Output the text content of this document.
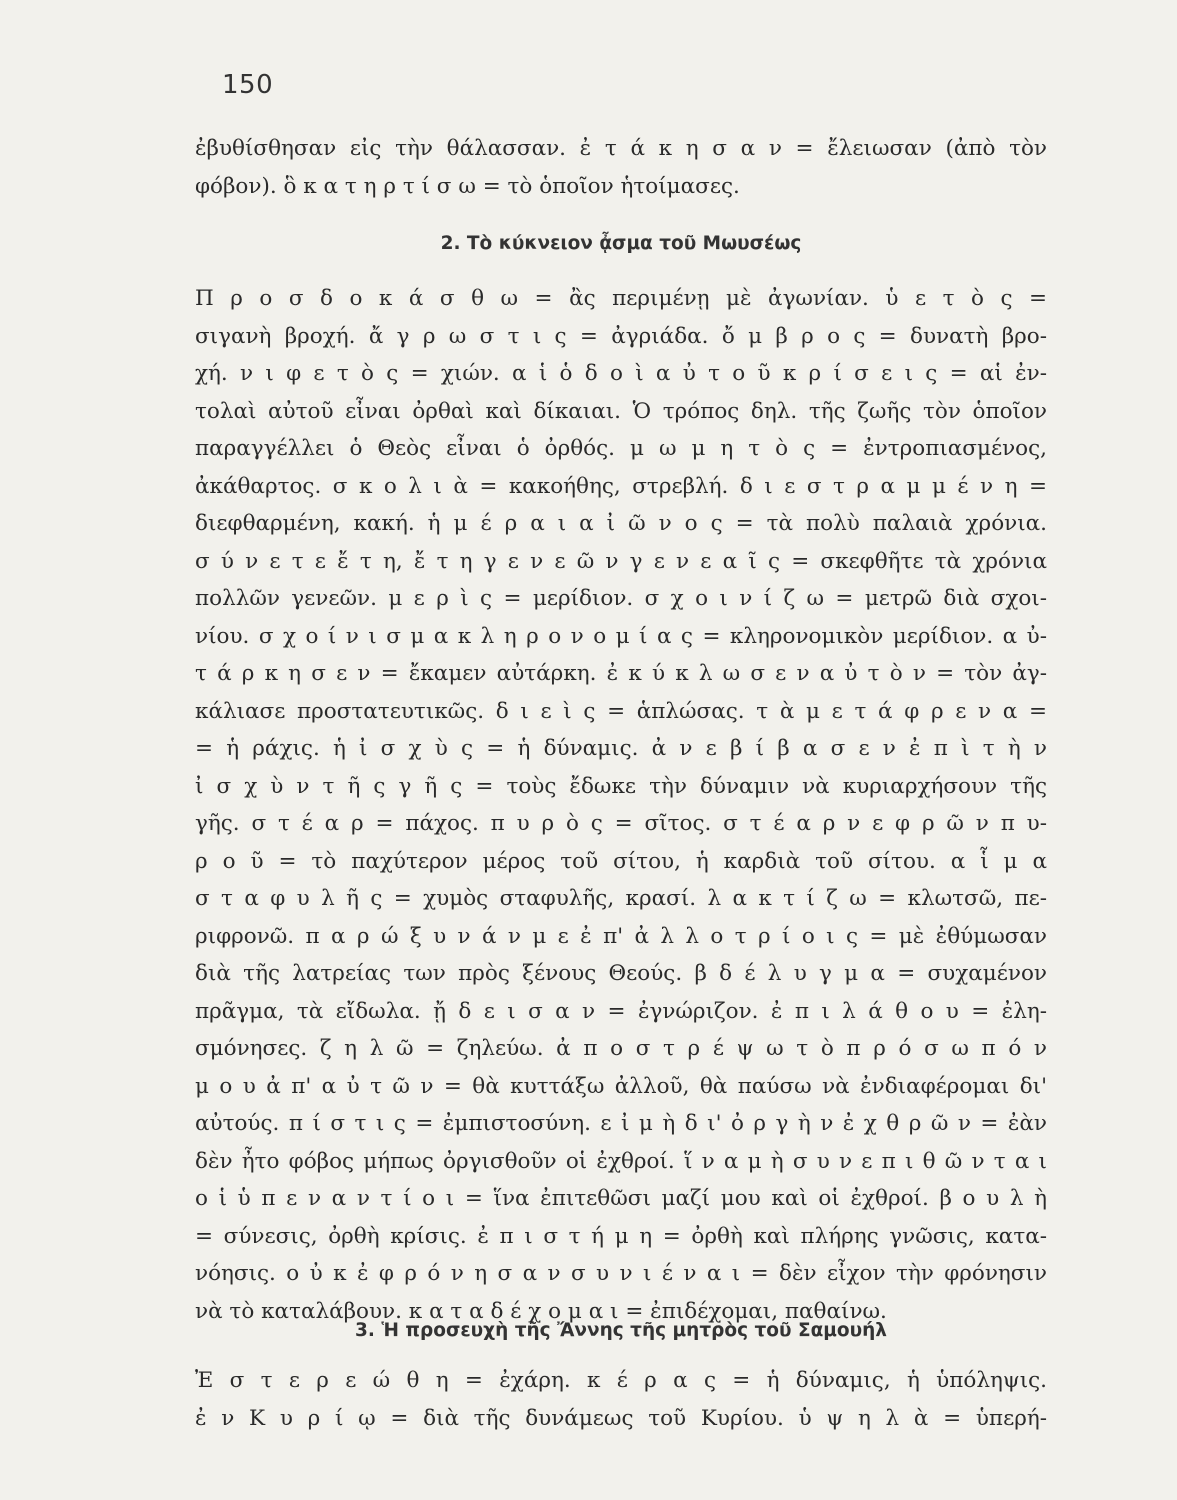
150
ἐβυθίσθησαν εἰς τὴν θάλασσαν. ἐ τ ά κ η σ α ν = ἔλειωσαν (ἀπὸ τὸν
φόβον). ὃ κ α τ η ρ τ ί σ ω = τὸ ὁποῖον ἡτοίμασες.
2. Τὸ κύκνειον ᾆσμα τοῦ Μωυσέως
Π ρ ο σ δ ο κ ά σ θ ω = ἂς περιμένῃ μὲ ἀγωνίαν. ὑ ε τ ὸ ς =
σιγανὴ βροχή. ἄ γ ρ ω σ τ ι ς = ἀγριάδα. ὄ μ β ρ ο ς = δυνατὴ βρο-
χή. ν ι φ ε τ ὸ ς = χιών. α ἱ ὁ δ ο ὶ α ὐ τ ο ῦ κ ρ ί σ ε ι ς = αἱ ἐν-
τολαὶ αὐτοῦ εἶναι ὀρθαὶ καὶ δίκαιαι. Ὁ τρόπος δηλ. τῆς ζωῆς τὸν ὁποῖον
παραγγέλλει ὁ Θεὸς εἶναι ὁ ὀρθός. μ ω μ η τ ὸ ς = ἐντροπιασμένος,
ἀκάθαρτος. σ κ ο λ ι ὰ = κακοήθης, στρεβλή. δ ι ε σ τ ρ α μ μ έ ν η =
διεφθαρμένη, κακή. ἡ μ έ ρ α ι α ἰ ῶ ν ο ς = τὰ πολὺ παλαιὰ χρόνια.
σ ύ ν ε τ ε ἔ τ η, ἔ τ η γ ε ν ε ῶ ν γ ε ν ε α ῖ ς = σκεφθῆτε τὰ χρόνια
πολλῶν γενεῶν. μ ε ρ ὶ ς = μερίδιον. σ χ ο ι ν ί ζ ω = μετρῶ διὰ σχοι-
νίου. σ χ ο ί ν ι σ μ α κ λ η ρ ο ν ο μ ί α ς = κληρονομικὸν μερίδιον. α ὐ-
τ ά ρ κ η σ ε ν = ἔκαμεν αὐτάρκη. ἐ κ ύ κ λ ω σ ε ν α ὐ τ ὸ ν = τὸν ἀγ-
κάλιασε προστατευτικῶς. δ ι ε ὶ ς = ἁπλώσας. τ ὰ μ ε τ ά φ ρ ε ν α =
= ἡ ράχις. ἡ ἰ σ χ ὺ ς = ἡ δύναμις. ἀ ν ε β ί β α σ ε ν ἐ π ὶ τ ὴ ν
ἰ σ χ ὺ ν τ ῆ ς γ ῆ ς = τοὺς ἔδωκε τὴν δύναμιν νὰ κυριαρχήσουν τῆς
γῆς. σ τ έ α ρ = πάχος. π υ ρ ὸ ς = σῖτος. σ τ έ α ρ ν ε φ ρ ῶ ν π υ-
ρ ο ῦ = τὸ παχύτερον μέρος τοῦ σίτου, ἡ καρδιὰ τοῦ σίτου. α ἷ μ α
σ τ α φ υ λ ῆ ς = χυμὸς σταφυλῆς, κρασί. λ α κ τ ί ζ ω = κλωτσῶ, πε-
ριφρονῶ. π α ρ ώ ξ υ ν ά ν μ ε ἐ π' ἀ λ λ ο τ ρ ί ο ι ς = μὲ ἐθύμωσαν
διὰ τῆς λατρείας των πρὸς ξένους Θεούς. β δ έ λ υ γ μ α = συχαμένον
πρᾶγμα, τὰ εἴδωλα. ᾔ δ ε ι σ α ν = ἐγνώριζον. ἐ π ι λ ά θ ο υ = ἐλη-
σμόνησες. ζ η λ ῶ = ζηλεύω. ἀ π ο σ τ ρ έ ψ ω τ ὸ π ρ ό σ ω π ό ν
μ ο υ ἀ π' α ὐ τ ῶ ν = θὰ κυττάξω ἀλλοῦ, θὰ παύσω νὰ ἐνδιαφέρομαι δι'
αὐτούς. π ί σ τ ι ς = ἐμπιστοσύνη. ε ἰ μ ὴ δ ι' ὀ ρ γ ὴ ν ἐ χ θ ρ ῶ ν = ἐὰν
δὲν ἦτο φόβος μήπως ὀργισθοῦν οἱ ἐχθροί. ἵ ν α μ ὴ σ υ ν ε π ι θ ῶ ν τ α ι
ο ἱ ὑ π ε ν α ν τ ί ο ι = ἵνα ἐπιτεθῶσι μαζί μου καὶ οἱ ἐχθροί. β ο υ λ ὴ
= σύνεσις, ὀρθὴ κρίσις. ἐ π ι σ τ ή μ η = ὀρθὴ καὶ πλήρης γνῶσις, κατα-
νόησις. ο ὐ κ ἐ φ ρ ό ν η σ α ν σ υ ν ι έ ν α ι = δὲν εἶχον τὴν φρόνησιν
νὰ τὸ καταλάβουν. κ α τ α δ έ χ ο μ α ι = ἐπιδέχομαι, παθαίνω.
3. Ἡ προσευχὴ τῆς Ἄννης τῆς μητρὸς τοῦ Σαμουήλ
Ἐ σ τ ε ρ ε ώ θ η = ἐχάρη. κ έ ρ α ς = ἡ δύναμις, ἡ ὑπόληψις.
ἐ ν Κ υ ρ ί ῳ = διὰ τῆς δυνάμεως τοῦ Κυρίου. ὑ ψ η λ ὰ = ὑπερή-
